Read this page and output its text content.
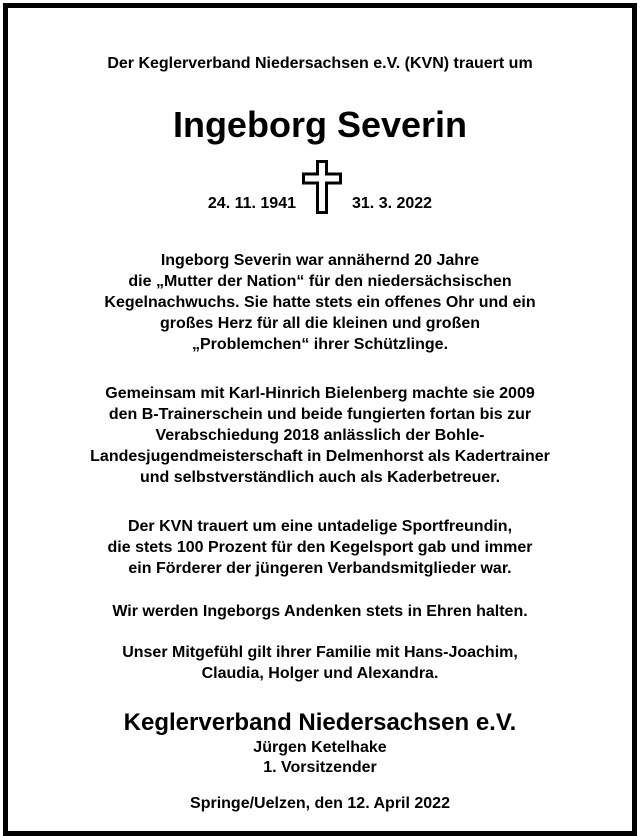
Der Keglerverband Niedersachsen e.V. (KVN) trauert um
Ingeborg Severin
24. 11. 1941	31. 3. 2022
Ingeborg Severin war annähernd 20 Jahre
die „Mutter der Nation“ für den niedersächsischen
Kegelnachwuchs. Sie hatte stets ein offenes Ohr und ein
großes Herz für all die kleinen und großen
„Problemchen“ ihrer Schützlinge.
Gemeinsam mit Karl-Hinrich Bielenberg machte sie 2009
den B-Trainerschein und beide fungierten fortan bis zur
Verabschiedung 2018 anlässlich der Bohle-
Landesjugendmeisterschaft in Delmenhorst als Kadertrainer
und selbstverständlich auch als Kaderbetreuer.
Der KVN trauert um eine untadelige Sportfreundin,
die stets 100 Prozent für den Kegelsport gab und immer
ein Förderer der jüngeren Verbandsmitglieder war.
Wir werden Ingeborgs Andenken stets in Ehren halten.
Unser Mitgefühl gilt ihrer Familie mit Hans-Joachim,
Claudia, Holger und Alexandra.
Keglerverband Niedersachsen e.V.
Jürgen Ketelhake
1. Vorsitzender
Springe/Uelzen, den 12. April 2022
